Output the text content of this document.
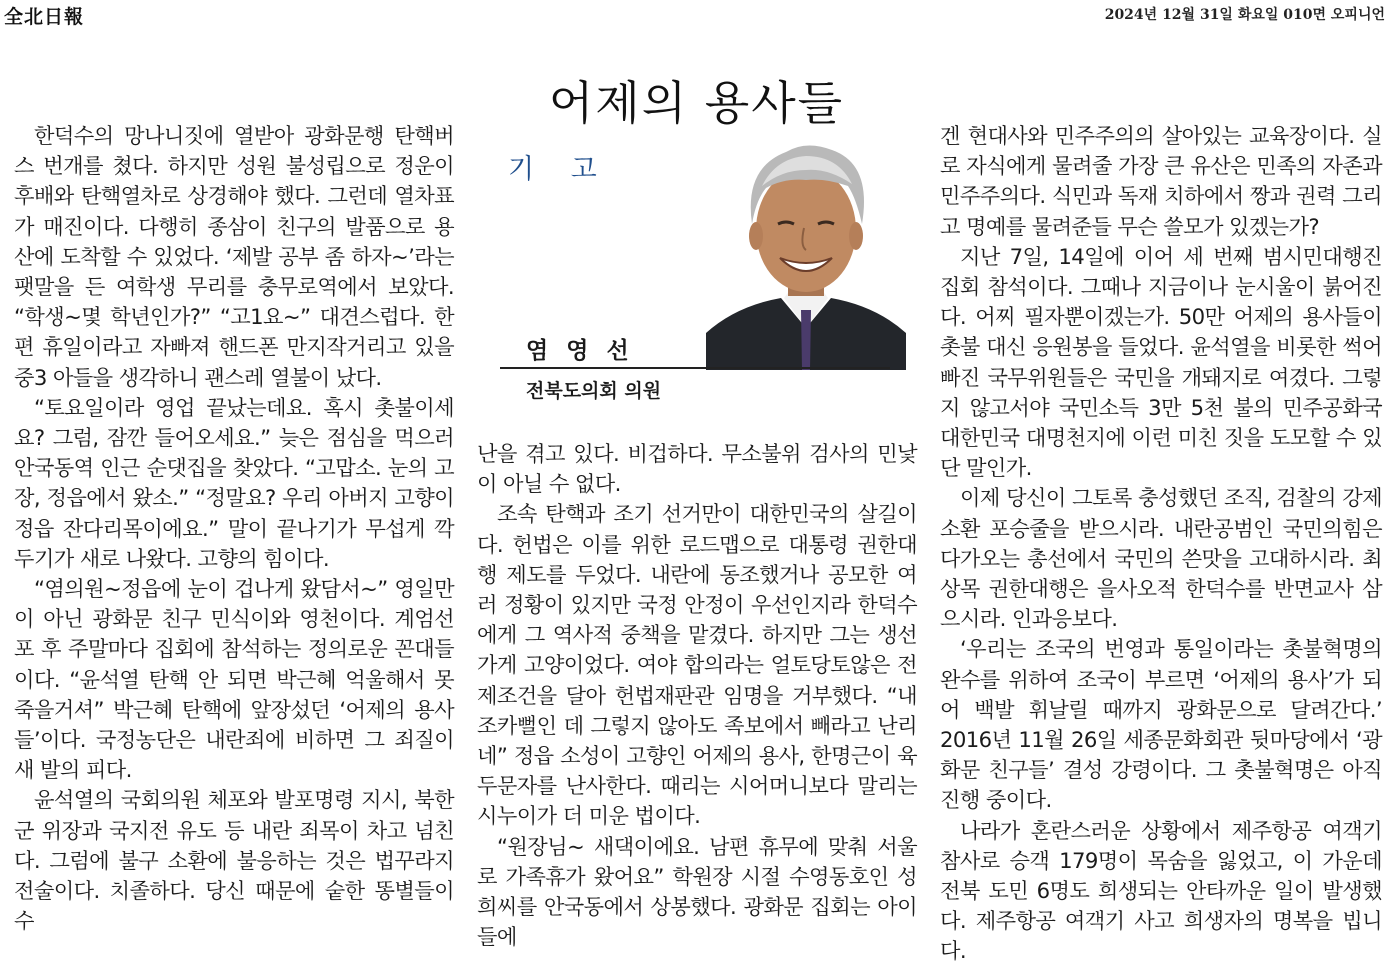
全北日報	2024년 12월 31일 화요일 010면 오피니언
어제의 용사들

한덕수의 망나니짓에 열받아 광화문행 탄핵버스 번개를 쳤다. 하지만 성원 불성립으로 정운이 후배와 탄핵열차로 상경해야 했다. 그런데 열차표가 매진이다. 다행히 종삼이 친구의 발품으로 용산에 도착할 수 있었다. ‘제발 공부 좀 하자~’라는 팻말을 든 여학생 무리를 충무로역에서 보았다. “학생~몇 학년인가?” “고1요~” 대견스럽다. 한편 휴일이라고 자빠져 핸드폰 만지작거리고 있을 중3 아들을 생각하니 괜스레 열불이 났다.

“토요일이라 영업 끝났는데요. 혹시 촛불이세요? 그럼, 잠깐 들어오세요.” 늦은 점심을 먹으러 안국동역 인근 순댓집을 찾았다. “고맙소. 눈의 고장, 정읍에서 왔소.” “정말요? 우리 아버지 고향이 정읍 잔다리목이에요.” 말이 끝나기가 무섭게 깍두기가 새로 나왔다. 고향의 힘이다.

“염의원~정읍에 눈이 겁나게 왔담서~” 영일만이 아닌 광화문 친구 민식이와 영천이다. 계엄선포 후 주말마다 집회에 참석하는 정의로운 꼰대들이다. “윤석열 탄핵 안 되면 박근혜 억울해서 못 죽을거셔” 박근혜 탄핵에 앞장섰던 ‘어제의 용사들’이다. 국정농단은 내란죄에 비하면 그 죄질이 새 발의 피다.

윤석열의 국회의원 체포와 발포명령 지시, 북한군 위장과 국지전 유도 등 내란 죄목이 차고 넘친다. 그럼에 불구 소환에 불응하는 것은 법꾸라지 전술이다. 치졸하다. 당신 때문에 숱한 똥별들이 수

기 고
염 영 선
전북도의회 의원

난을 겪고 있다. 비겁하다. 무소불위 검사의 민낯이 아닐 수 없다.

조속 탄핵과 조기 선거만이 대한민국의 살길이다. 헌법은 이를 위한 로드맵으로 대통령 권한대행 제도를 두었다. 내란에 동조했거나 공모한 여러 정황이 있지만 국정 안정이 우선인지라 한덕수에게 그 역사적 중책을 맡겼다. 하지만 그는 생선가게 고양이었다. 여야 합의라는 얼토당토않은 전제조건을 달아 헌법재판관 임명을 거부했다. “내 조카뻘인 데 그렇지 않아도 족보에서 빼라고 난리네” 정읍 소성이 고향인 어제의 용사, 한명근이 육두문자를 난사한다. 때리는 시어머니보다 말리는 시누이가 더 미운 법이다.

“원장님~ 새댁이에요. 남편 휴무에 맞춰 서울로 가족휴가 왔어요” 학원장 시절 수영동호인 성희씨를 안국동에서 상봉했다. 광화문 집회는 아이들에

겐 현대사와 민주주의의 살아있는 교육장이다. 실로 자식에게 물려줄 가장 큰 유산은 민족의 자존과 민주주의다. 식민과 독재 치하에서 짱과 권력 그리고 명예를 물려준들 무슨 쓸모가 있겠는가?

지난 7일, 14일에 이어 세 번째 범시민대행진 집회 참석이다. 그때나 지금이나 눈시울이 붉어진다. 어찌 필자뿐이겠는가. 50만 어제의 용사들이 촛불 대신 응원봉을 들었다. 윤석열을 비롯한 썩어 빠진 국무위원들은 국민을 개돼지로 여겼다. 그렇지 않고서야 국민소득 3만 5천 불의 민주공화국 대한민국 대명천지에 이런 미친 짓을 도모할 수 있단 말인가.

이제 당신이 그토록 충성했던 조직, 검찰의 강제소환 포승줄을 받으시라. 내란공범인 국민의힘은 다가오는 총선에서 국민의 쓴맛을 고대하시라. 최상목 권한대행은 을사오적 한덕수를 반면교사 삼으시라. 인과응보다.

‘우리는 조국의 번영과 통일이라는 촛불혁명의 완수를 위하여 조국이 부르면 ‘어제의 용사’가 되어 백발 휘날릴 때까지 광화문으로 달려간다.’ 2016년 11월 26일 세종문화회관 뒷마당에서 ‘광화문 친구들’ 결성 강령이다. 그 촛불혁명은 아직 진행 중이다.

나라가 혼란스러운 상황에서 제주항공 여객기 참사로 승객 179명이 목숨을 잃었고, 이 가운데 전북 도민 6명도 희생되는 안타까운 일이 발생했다. 제주항공 여객기 사고 희생자의 명복을 빕니다.
